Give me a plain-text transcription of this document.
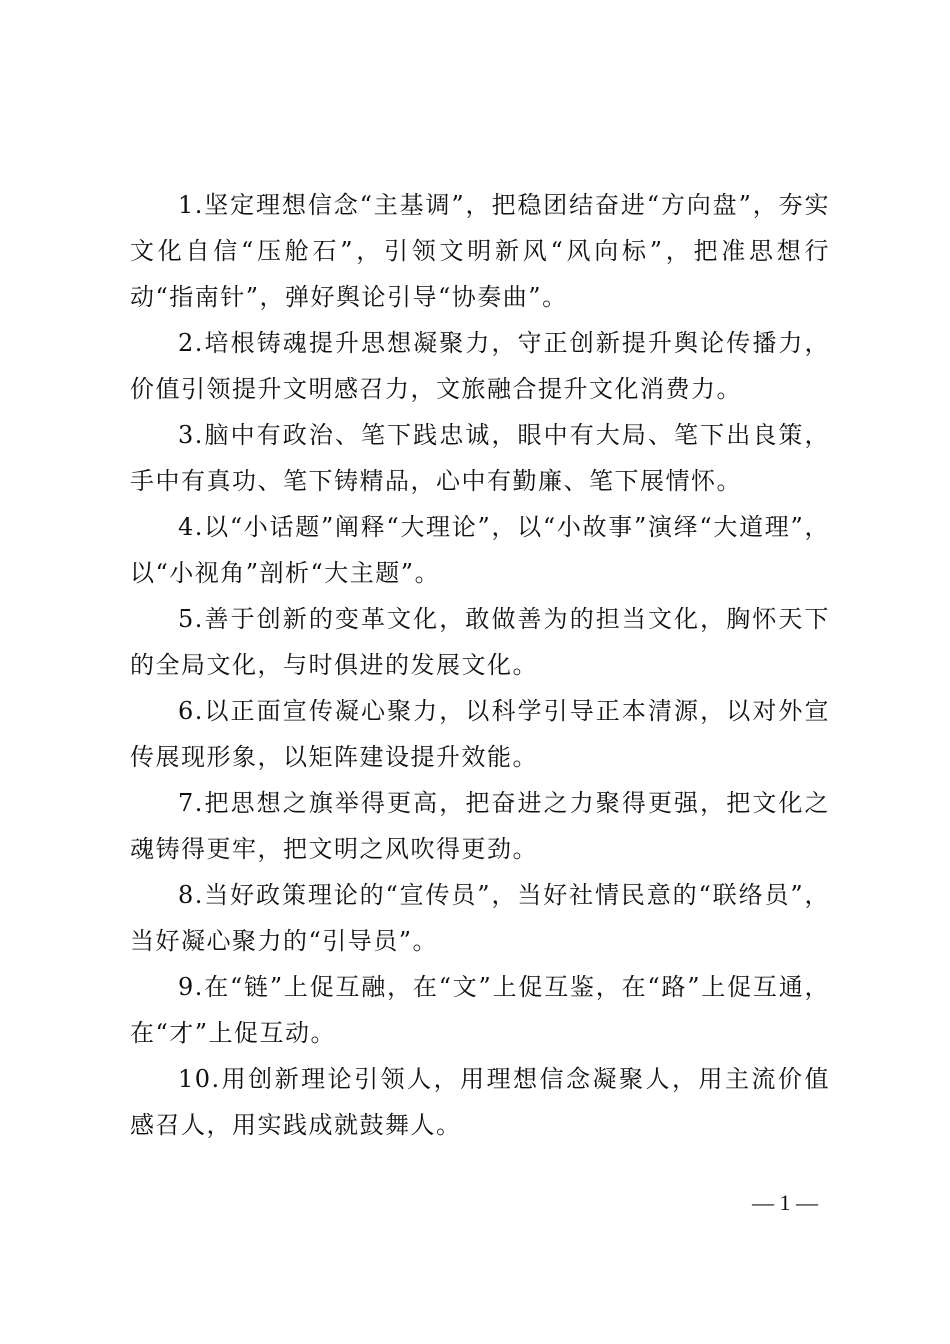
1.坚定理想信念“主基调”，把稳团结奋进“方向盘”，夯实文化自信“压舱石”，引领文明新风“风向标”，把准思想行动“指南针”，弹好舆论引导“协奏曲”。

2.培根铸魂提升思想凝聚力，守正创新提升舆论传播力，价值引领提升文明感召力，文旅融合提升文化消费力。

3.脑中有政治、笔下践忠诚，眼中有大局、笔下出良策，手中有真功、笔下铸精品，心中有勤廉、笔下展情怀。

4.以“小话题”阐释“大理论”，以“小故事”演绎“大道理”，以“小视角”剖析“大主题”。

5.善于创新的变革文化，敢做善为的担当文化，胸怀天下的全局文化，与时俱进的发展文化。

6.以正面宣传凝心聚力，以科学引导正本清源，以对外宣传展现形象，以矩阵建设提升效能。

7.把思想之旗举得更高，把奋进之力聚得更强，把文化之魂铸得更牢，把文明之风吹得更劲。

8.当好政策理论的“宣传员”，当好社情民意的“联络员”，当好凝心聚力的“引导员”。

9.在“链”上促互融，在“文”上促互鉴，在“路”上促互通，在“才”上促互动。

10.用创新理论引领人，用理想信念凝聚人，用主流价值感召人，用实践成就鼓舞人。

— 1 —
